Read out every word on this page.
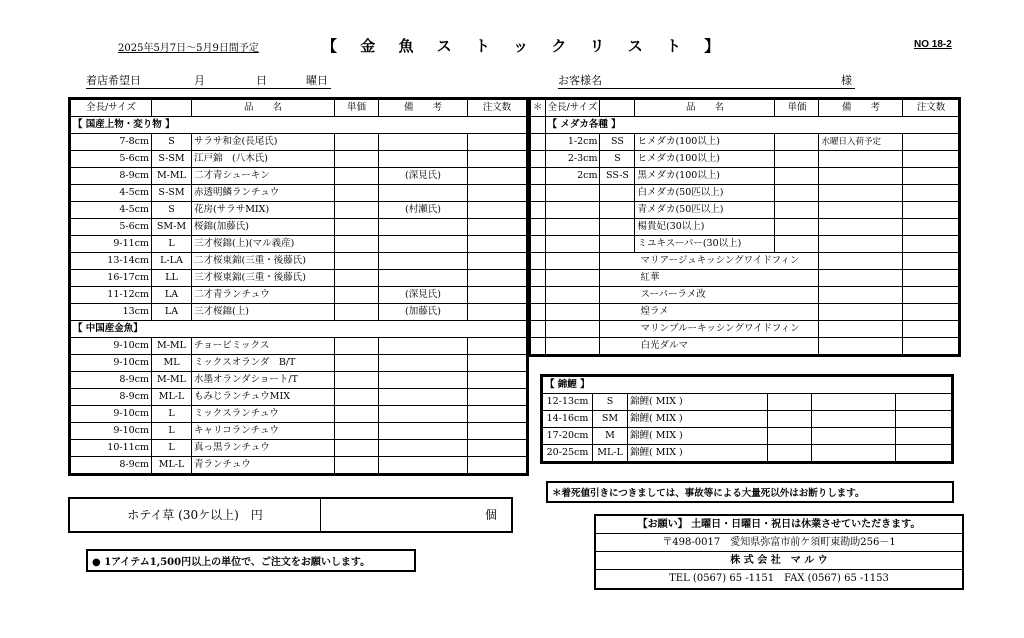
2025年5月7日～5月9日間予定	【 金 魚 ス ト ッ ク リ ス ト 】	NO 18-2
着店希望日	月	日	曜日	お客様名	様
全長/サイズ		品　　名	単価	備　　考	注文数
【 国産上物・変り物 】					
7-8cm	S	サラサ和金(長尾氏)			
5-6cm	S-SM	江戸錦　(八木氏)			
8-9cm	M-ML	二才青シューキン		(深見氏)	
4-5cm	S-SM	赤透明鱗ランチュウ			
4-5cm	S	花房(サラサMIX)		(村瀬氏)	
5-6cm	SM-M	桜錦(加藤氏)			
9-11cm	L	三才桜錦(上)(マル義産)			
13-14cm	L-LA	二才桜東錦(三重・後藤氏)			
16-17cm	LL	三才桜東錦(三重・後藤氏)			
11-12cm	LA	二才青ランチュウ		(深見氏)	
13cm	LA	三才桜錦(上)		(加藤氏)	
【 中国産金魚】					
9-10cm	M-ML	チョービミックス			
9-10cm	ML	ミックスオランダ　B/T			
8-9cm	M-ML	水墨オランダショート/T			
8-9cm	ML-L	もみじランチュウMIX			
9-10cm	L	ミックスランチュウ			
9-10cm	L	キャリコランチュウ			
10-11cm	L	真っ黒ランチュウ			
8-9cm	ML-L	青ランチュウ			
＊	全長/サイズ		品　　名	単価	備　　考	注文数
	【 メダカ各種 】					
	1-2cm	SS	ヒメダカ(100以上)		水曜日入荷予定	
	2-3cm	S	ヒメダカ(100以上)			
	2cm	SS-S	黒メダカ(100以上)			
			白メダカ(50匹以上)			
			青メダカ(50匹以上)			
			楊貴妃(30以上)			
			ミユキスーパー(30以上)			
		マリアージュキッシングワイドフィン				
		紅華				
		スーパーラメ改				
		煌ラメ				
		マリンブルーキッシングワイドフィン				
		白光ダルマ				
【 錦鯉 】					
12-13cm	S	錦鯉( MIX )			
14-16cm	SM	錦鯉( MIX )			
17-20cm	M	錦鯉( MIX )			
20-25cm	ML-L	錦鯉( MIX )			
＊着死値引きにつきましては、事故等による大量死以外はお断りします。
ホテイ草 (30ケ以上)　円	個
● 1アイテム1,500円以上の単位で、ご注文をお願いします。
【お願い】 土曜日・日曜日・祝日は休業させていただきます。
〒498-0017　愛知県弥富市前ケ須町東勘助256－1
株 式 会 社　マ ル ウ
TEL (0567) 65 -1151　FAX (0567) 65 -1153
